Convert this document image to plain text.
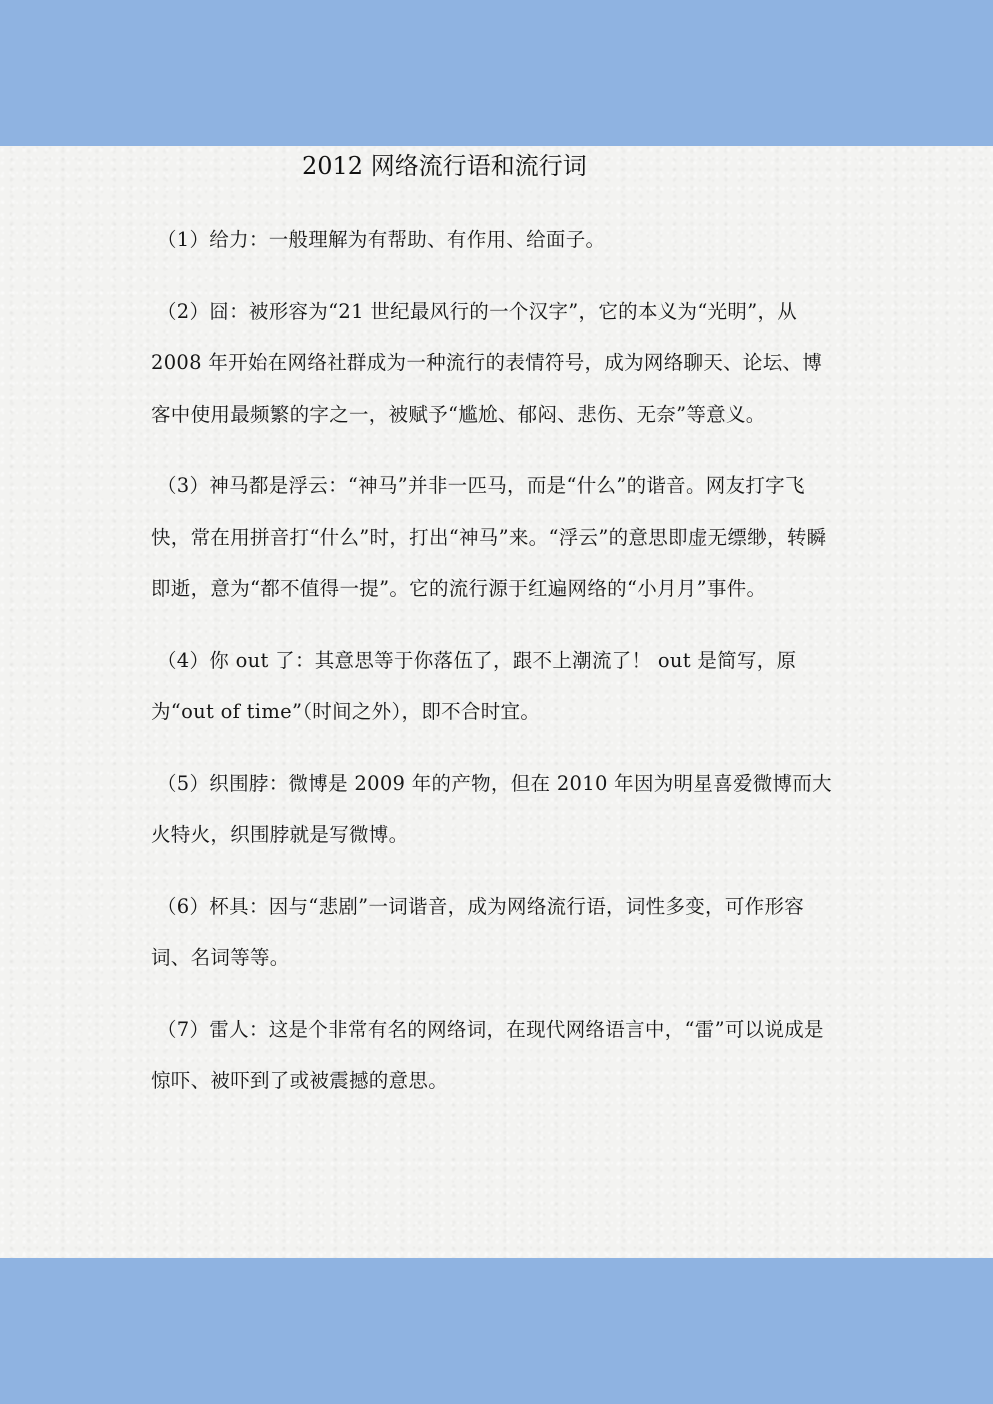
2012 网络流行语和流行词

（1）给力：一般理解为有帮助、有作用、给面子。

（2）囧：被形容为“21 世纪最风行的一个汉字”，它的本义为“光明”，从 2008 年开始在网络社群成为一种流行的表情符号，成为网络聊天、论坛、博客中使用最频繁的字之一，被赋予“尴尬、郁闷、悲伤、无奈”等意义。

（3）神马都是浮云：“神马”并非一匹马，而是“什么”的谐音。网友打字飞快，常在用拼音打“什么”时，打出“神马”来。“浮云”的意思即虚无缥缈，转瞬即逝，意为“都不值得一提”。它的流行源于红遍网络的“小月月”事件。

（4）你 out 了：其意思等于你落伍了，跟不上潮流了！ out 是简写，原为“out of time”（时间之外），即不合时宜。

（5）织围脖：微博是 2009 年的产物，但在 2010 年因为明星喜爱微博而大火特火，织围脖就是写微博。

（6）杯具：因与“悲剧”一词谐音，成为网络流行语，词性多变，可作形容词、名词等等。

（7）雷人：这是个非常有名的网络词，在现代网络语言中，“雷”可以说成是惊吓、被吓到了或被震撼的意思。
